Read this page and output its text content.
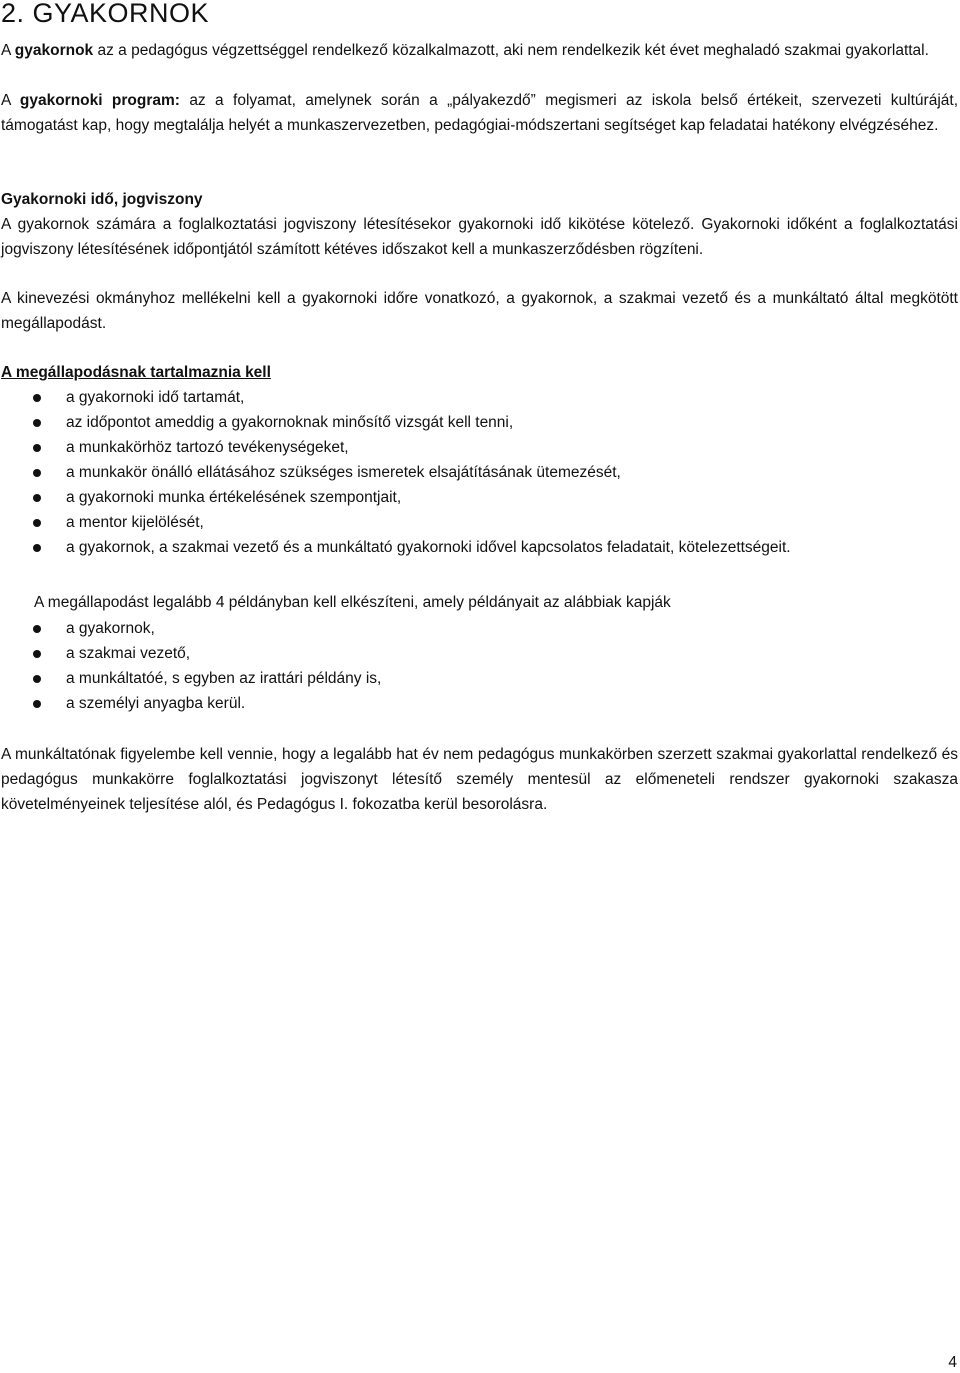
2. GYAKORNOK

A gyakornok az a pedagógus végzettséggel rendelkező közalkalmazott, aki nem rendelkezik két évet meghaladó szakmai gyakorlattal.

A gyakornoki program: az a folyamat, amelynek során a „pályakezdő” megismeri az iskola belső értékeit, szervezeti kultúráját, támogatást kap, hogy megtalálja helyét a munkaszervezetben, pedagógiai-módszertani segítséget kap feladatai hatékony elvégzéséhez.

Gyakornoki idő, jogviszony

A gyakornok számára a foglalkoztatási jogviszony létesítésekor gyakornoki idő kikötése kötelező. Gyakornoki időként a foglalkoztatási jogviszony létesítésének időpontjától számított kétéves időszakot kell a munkaszerződésben rögzíteni.

A kinevezési okmányhoz mellékelni kell a gyakornoki időre vonatkozó, a gyakornok, a szakmai vezető és a munkáltató által megkötött megállapodást.

A megállapodásnak tartalmaznia kell

a gyakornoki idő tartamát,
az időpontot ameddig a gyakornoknak minősítő vizsgát kell tenni,
a munkakörhöz tartozó tevékenységeket,
a munkakör önálló ellátásához szükséges ismeretek elsajátításának ütemezését,
a gyakornoki munka értékelésének szempontjait,
a mentor kijelölését,
a gyakornok, a szakmai vezető és a munkáltató gyakornoki idővel kapcsolatos feladatait, kötelezettségeit.

A megállapodást legalább 4 példányban kell elkészíteni, amely példányait az alábbiak kapják

a gyakornok,
a szakmai vezető,
a munkáltatóé, s egyben az irattári példány is,
a személyi anyagba kerül.

A munkáltatónak figyelembe kell vennie, hogy a legalább hat év nem pedagógus munkakörben szerzett szakmai gyakorlattal rendelkező és pedagógus munkakörre foglalkoztatási jogviszonyt létesítő személy mentesül az előmeneteli rendszer gyakornoki szakasza követelményeinek teljesítése alól, és Pedagógus I. fokozatba kerül besorolásra.

4
